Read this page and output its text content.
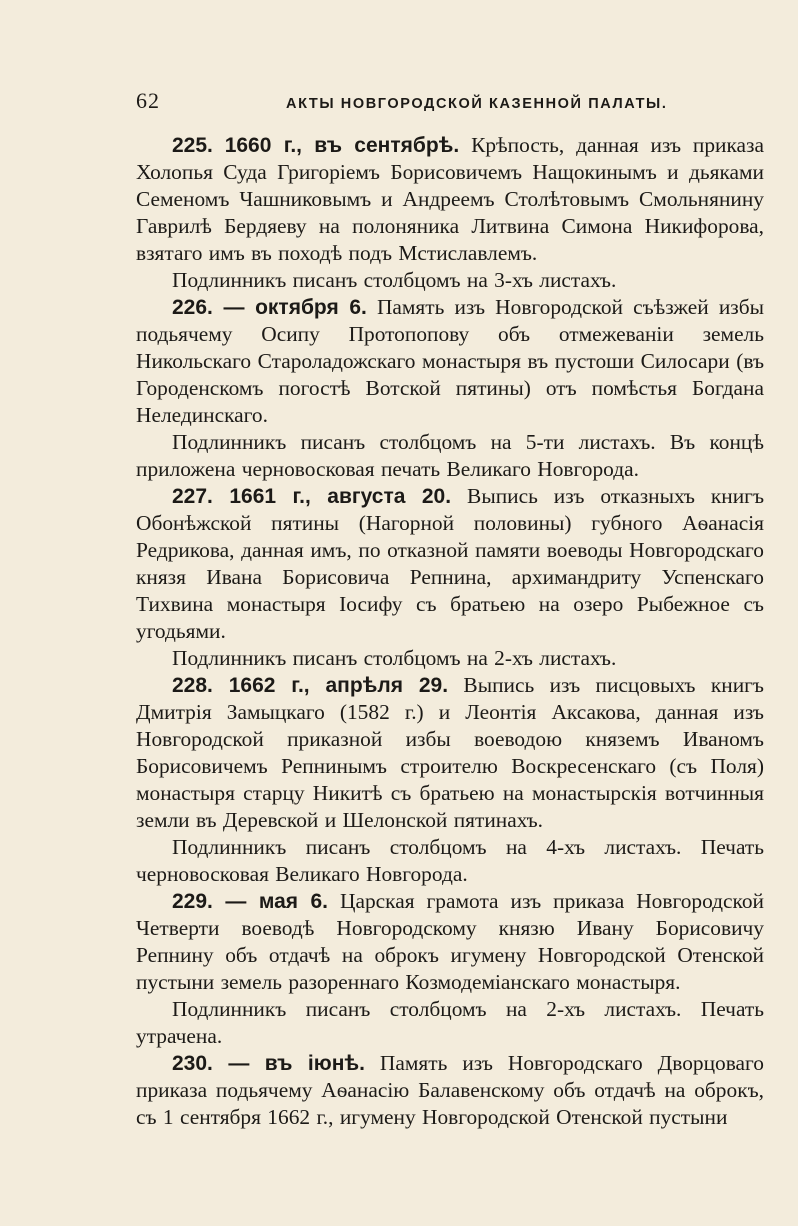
62	АКТЫ НОВГОРОДСКОЙ КАЗЕННОЙ ПАЛАТЫ.

225. 1660 г., въ сентябрѣ. Крѣпость, данная изъ приказа Холопья Суда Григоріемъ Борисовичемъ Нащокинымъ и дьяками Семеномъ Чашниковымъ и Андреемъ Столѣтовымъ Смольнянину Гаврилѣ Бердяеву на полоняника Литвина Симона Никифорова, взятаго имъ въ походѣ подъ Мстиславлемъ.

Подлинникъ писанъ столбцомъ на 3-хъ листахъ.

226. — октября 6. Память изъ Новгородской съѣзжей избы подьячему Осипу Протопопову объ отмежеваніи земель Никольскаго Староладожскаго монастыря въ пустоши Силосари (въ Городенскомъ погостѣ Вотской пятины) отъ помѣстья Богдана Нелединскаго.

Подлинникъ писанъ столбцомъ на 5-ти листахъ. Въ концѣ приложена черновосковая печать Великаго Новгорода.

227. 1661 г., августа 20. Выпись изъ отказныхъ книгъ Обонѣжской пятины (Нагорной половины) губного Аѳанасія Редрикова, данная имъ, по отказной памяти воеводы Новгородскаго князя Ивана Борисовича Репнина, архимандриту Успенскаго Тихвина монастыря Іосифу съ братьею на озеро Рыбежное съ угодьями.

Подлинникъ писанъ столбцомъ на 2-хъ листахъ.

228. 1662 г., апрѣля 29. Выпись изъ писцовыхъ книгъ Дмитрія Замыцкаго (1582 г.) и Леонтія Аксакова, данная изъ Новгородской приказной избы воеводою княземъ Иваномъ Борисовичемъ Репнинымъ строителю Воскресенскаго (съ Поля) монастыря старцу Никитѣ съ братьею на монастырскія вотчинныя земли въ Деревской и Шелонской пятинахъ.

Подлинникъ писанъ столбцомъ на 4-хъ листахъ. Печать черновосковая Великаго Новгорода.

229. — мая 6. Царская грамота изъ приказа Новгородской Четверти воеводѣ Новгородскому князю Ивану Борисовичу Репнину объ отдачѣ на оброкъ игумену Новгородской Отенской пустыни земель разореннаго Козмодеміанскаго монастыря.

Подлинникъ писанъ столбцомъ на 2-хъ листахъ. Печать утрачена.

230. — въ іюнѣ. Память изъ Новгородскаго Дворцоваго приказа подьячему Аѳанасію Балавенскому объ отдачѣ на оброкъ, съ 1 сентября 1662 г., игумену Новгородской Отенской пустыни
